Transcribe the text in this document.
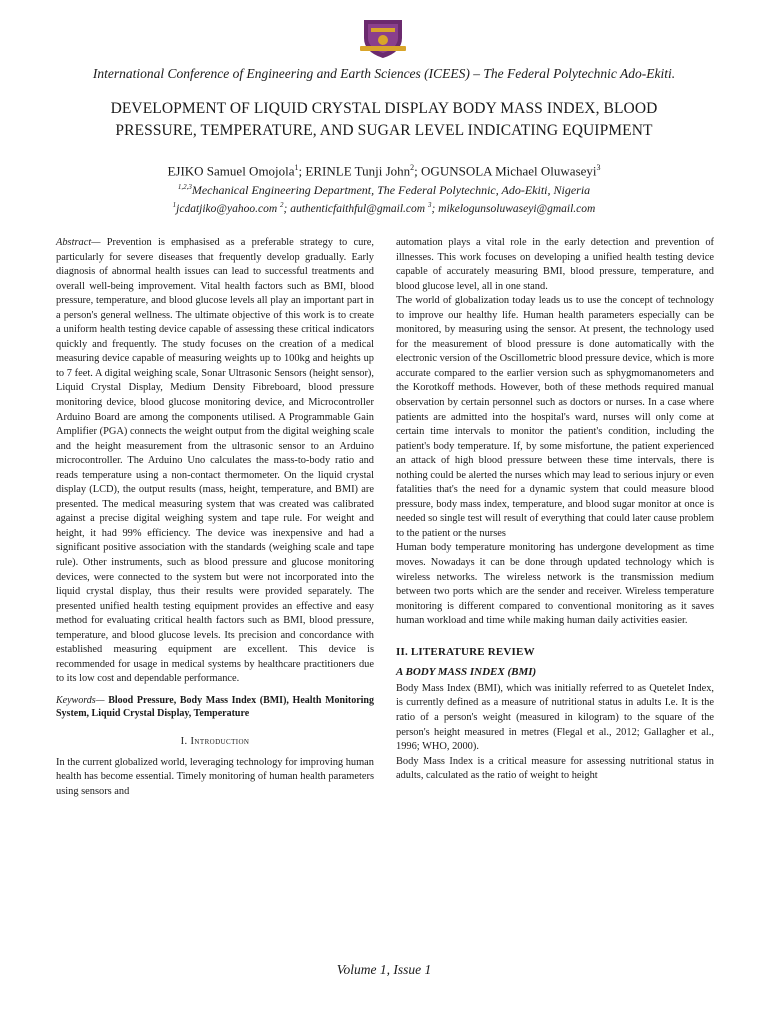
International Conference of Engineering and Earth Sciences (ICEES) – The Federal Polytechnic Ado-Ekiti.
DEVELOPMENT OF LIQUID CRYSTAL DISPLAY BODY MASS INDEX, BLOOD
PRESSURE, TEMPERATURE, AND SUGAR LEVEL INDICATING EQUIPMENT
EJIKO Samuel Omojola$^1$; ERINLE Tunji John$^2$; OGUNSOLA Michael Oluwaseyi$^3$
$^{1,2,3}$Mechanical Engineering Department, The Federal Polytechnic, Ado-Ekiti, Nigeria
$^1$jcdatjiko@yahoo.com $^2$; authenticfaithful@gmail.com $^3$; mikelogunsoluwaseyi@gmail.com

Abstract— Prevention is emphasised as a preferable strategy to cure, particularly for severe diseases that frequently develop gradually. Early diagnosis of abnormal health issues can lead to successful treatments and overall well-being improvement. Vital health factors such as BMI, blood pressure, temperature, and blood glucose levels all play an important part in a person's general wellness. The ultimate objective of this work is to create a uniform health testing device capable of assessing these critical indicators quickly and frequently. The study focuses on the creation of a medical measuring device capable of measuring weights up to 100kg and heights up to 7 feet. A digital weighing scale, Sonar Ultrasonic Sensors (height sensor), Liquid Crystal Display, Medium Density Fibreboard, blood pressure monitoring device, blood glucose monitoring device, and Microcontroller Arduino Board are among the components utilised. A Programmable Gain Amplifier (PGA) connects the weight output from the digital weighing scale and the height measurement from the ultrasonic sensor to an Arduino microcontroller. The Arduino Uno calculates the mass-to-body ratio and reads temperature using a non-contact thermometer. On the liquid crystal display (LCD), the output results (mass, height, temperature, and BMI) are presented. The medical measuring system that was created was calibrated against a precise digital weighing system and tape rule. For weight and height, it had 99% efficiency. The device was inexpensive and had a significant positive association with the standards (weighing scale and tape rule). Other instruments, such as blood pressure and glucose monitoring devices, were connected to the system but were not incorporated into the liquid crystal display, thus their results were provided separately. The presented unified health testing equipment provides an effective and easy method for evaluating critical health factors such as BMI, blood pressure, temperature, and blood glucose levels. Its precision and concordance with established measuring equipment are excellent. This device is recommended for usage in medical systems by healthcare practitioners due to its low cost and dependable performance.

Keywords— Blood Pressure, Body Mass Index (BMI), Health Monitoring System, Liquid Crystal Display, Temperature

I. Introduction

In the current globalized world, leveraging technology for improving human health has become essential. Timely monitoring of human health parameters using sensors and

automation plays a vital role in the early detection and prevention of illnesses. This work focuses on developing a unified health testing device capable of accurately measuring BMI, blood pressure, temperature, and blood glucose level, all in one stand.

The world of globalization today leads us to use the concept of technology to improve our healthy life. Human health parameters especially can be monitored, by measuring using the sensor. At present, the technology used for the measurement of blood pressure is done automatically with the electronic version of the Oscillometric blood pressure device, which is more accurate compared to the earlier version such as sphygmomanometers and the Korotkoff methods. However, both of these methods required manual observation by certain personnel such as doctors or nurses. In a case where patients are admitted into the hospital's ward, nurses will only come at certain time intervals to monitor the patient's condition, including the patient's body temperature. If, by some misfortune, the patient experienced an attack of high blood pressure between these time intervals, there is nothing could be alerted the nurses which may lead to serious injury or even fatalities that's the need for a dynamic system that could measure blood pressure, body mass index, temperature, and blood sugar monitor at once is needed so single test will result of everything that could later cause problem to the patient or the nurses

Human body temperature monitoring has undergone development as time moves. Nowadays it can be done through updated technology which is wireless networks. The wireless network is the transmission medium between two ports which are the sender and receiver. Wireless temperature monitoring is different compared to conventional monitoring as it saves human workload and time while making human daily activities easier.

II. LITERATURE REVIEW
A BODY MASS INDEX (BMI)

Body Mass Index (BMI), which was initially referred to as Quetelet Index, is currently defined as a measure of nutritional status in adults I.e. It is the ratio of a person's weight (measured in kilogram) to the square of the person's height measured in metres (Flegal et al., 2012; Gallagher et al., 1996; WHO, 2000).

Body Mass Index is a critical measure for assessing nutritional status in adults, calculated as the ratio of weight to height

Volume 1, Issue 1
